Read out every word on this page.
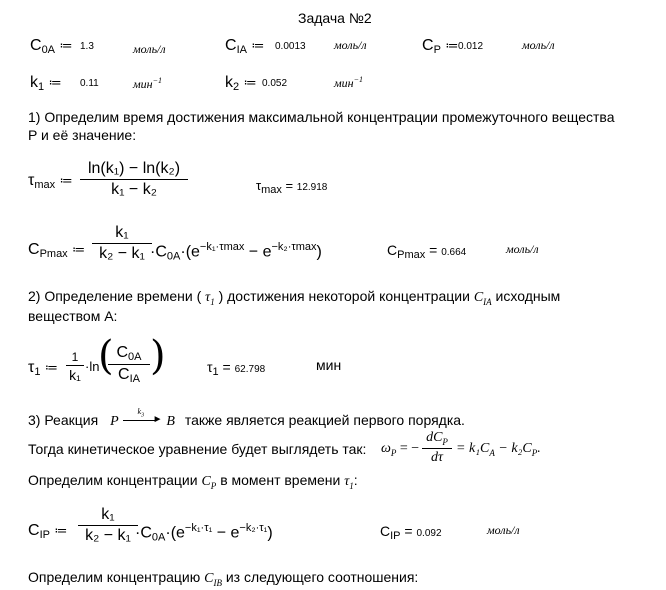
Задача №2
$C_{0A}$ ≔ 1.3	моль/л	$C_{IA}$ ≔ 0.0013 моль/л	$C_P$ ≔ 0.012	моль/л
$k_1$ ≔ 0.11	мин$^{-1}$	$k_2$ ≔ 0.052	мин$^{-1}$
1) Определим время достижения максимальной концентрации промежуточного вещества
P и её значение:
$\tau_{max}$ ≔
ln(k₁) − ln(k₂)
k₁ − k₂	$\tau_{max} = 12.918$
$C_{Pmax}$ ≔
k₁
$k_2 - k_1 \cdot C_{0A}\cdot(e^{-k_1\cdot\tau max} - e^{-k_2\cdot\tau max})$	$C_{Pmax} = 0.664$	моль/л
2) Определение времени ( $\tau_1$ ) достижения некоторой концентрации $C_{IA}$ исходным
веществом А:
$\tau_1$ ≔
1
k₁
·ln
( $C_{0A}$
$C_{IA}$ )	$\tau_1 = 62.798$	мин
3) Реакция P	►
$k_3$ B также является реакцией первого порядка.
Тогда кинетическое уравнение будет выглядеть так: $\omega_P$ = −
$dC_P$
dτ
= $k_1C_A - k_2C_P$.
Определим концентрации $C_P$ в момент времени $\tau_1$:
$C_{IP}$ ≔
k₁
$k_2 - k_1 \cdot C_{0A}\cdot(e^{-k_1\cdot\tau_1} - e^{-k_2\cdot\tau_1})$	$C_{IP} = 0.092$	моль/л
Определим концентрацию $C_{IB}$ из следующего соотношения:
